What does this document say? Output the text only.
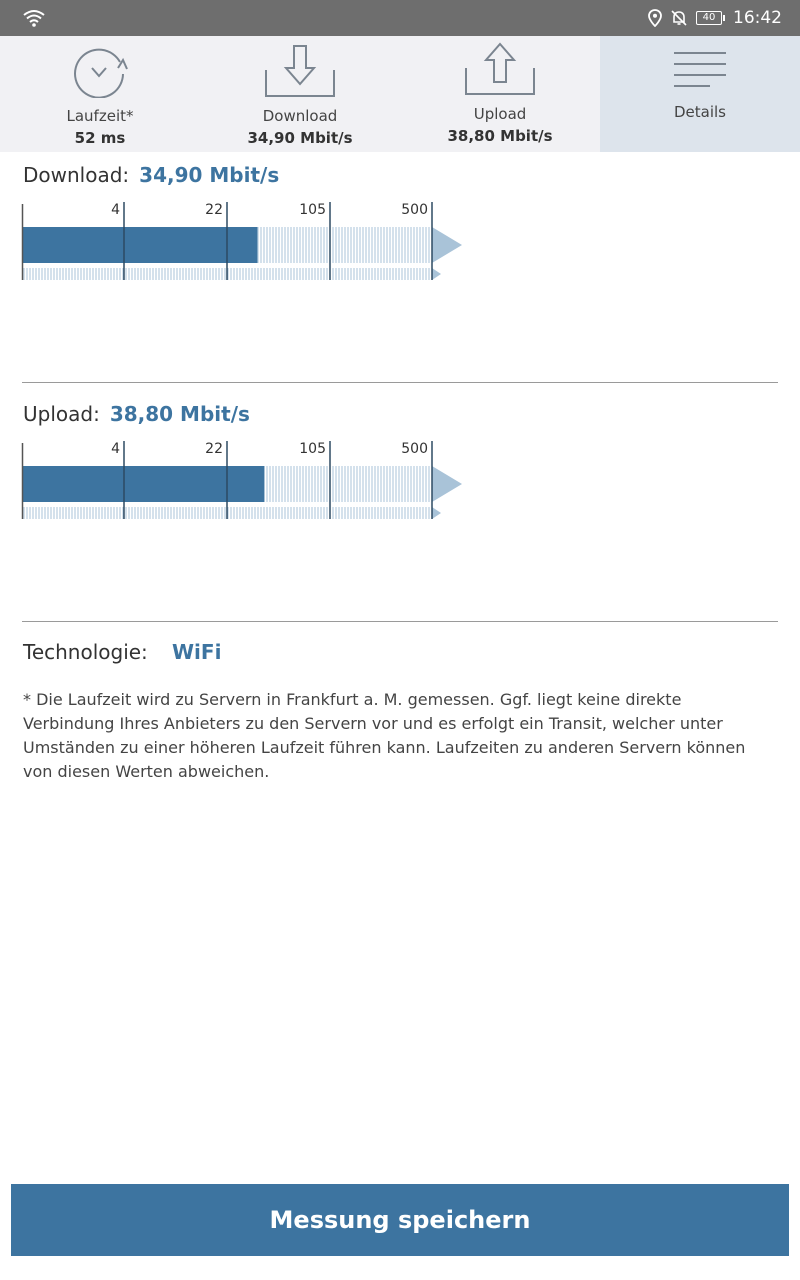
40	16:42
Laufzeit*
52 ms
Download
34,90 Mbit/s
Upload
38,80 Mbit/s
Details
Download: 34,90 Mbit/s
4	22	105	500
Upload: 38,80 Mbit/s
4	22	105	500
Technologie: WiFi
* Die Laufzeit wird zu Servern in Frankfurt a. M. gemessen. Ggf. liegt keine direkte Verbindung Ihres Anbieters zu den Servern vor und es erfolgt ein Transit, welcher unter Umständen zu einer höheren Laufzeit führen kann. Laufzeiten zu anderen Servern können von diesen Werten abweichen.
Messung speichern
